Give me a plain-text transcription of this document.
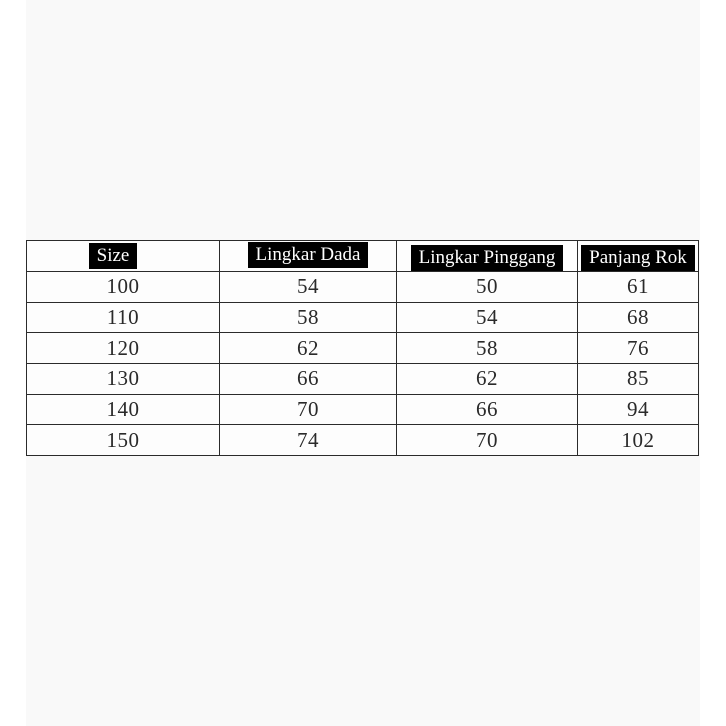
Size	Lingkar Dada	Lingkar Pinggang	Panjang Rok
100	54	50	61
110	58	54	68
120	62	58	76
130	66	62	85
140	70	66	94
150	74	70	102
